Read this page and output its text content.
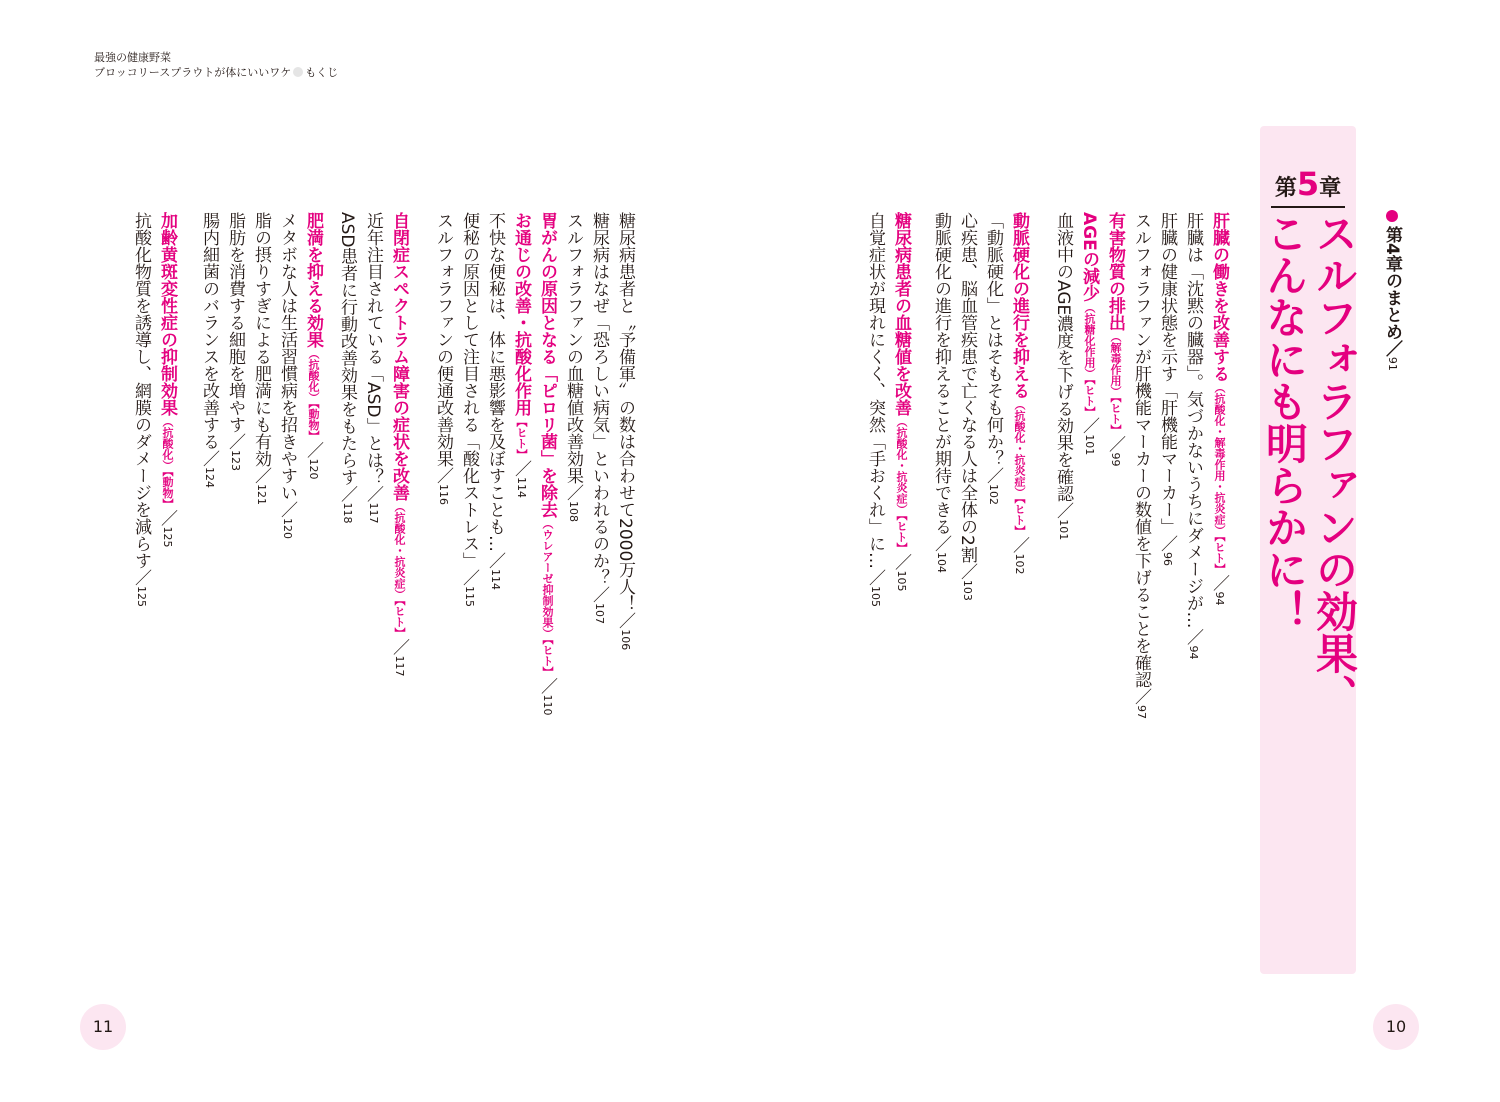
最強の健康野菜
ブロッコリースプラウトが体にいいワケ もくじ
第4章のまとめ／91
第5章
スルフォラファンの効果、
こんなにも明らかに！
肝臓の働きを改善する（抗酸化・解毒作用・抗炎症）【ヒト】／94
肝臓は「沈黙の臓器」。気づかないうちにダメージが…／94
肝臓の健康状態を示す「肝機能マーカー」／96
スルフォラファンが肝機能マーカーの数値を下げることを確認／97
有害物質の排出（解毒作用）【ヒト】／99
AGEの減少（抗糖化作用）【ヒト】／101
血液中のAGE濃度を下げる効果を確認／101
動脈硬化の進行を抑える（抗酸化・抗炎症）【ヒト】／102
「動脈硬化」とはそもそも何か？／102
心疾患、脳血管疾患で亡くなる人は全体の2割／103
動脈硬化の進行を抑えることが期待できる／104
糖尿病患者の血糖値を改善（抗酸化・抗炎症）【ヒト】／105
自覚症状が現れにくく、突然「手おくれ」に…／105
糖尿病患者と〝予備軍〟の数は合わせて2000万人！／106
糖尿病はなぜ「恐ろしい病気」といわれるのか？／107
スルフォラファンの血糖値改善効果／108
胃がんの原因となる「ピロリ菌」を除去（ウレアーゼ抑制効果）【ヒト】／110
お通じの改善・抗酸化作用【ヒト】／114
不快な便秘は、体に悪影響を及ぼすことも…／114
便秘の原因として注目される「酸化ストレス」／115
スルフォラファンの便通改善効果／116
自閉症スペクトラム障害の症状を改善（抗酸化・抗炎症）【ヒト】／117
近年注目されている「ASD」とは？／117
ASD患者に行動改善効果をもたらす／118
肥満を抑える効果（抗酸化）【動物】／120
メタボな人は生活習慣病を招きやすい／120
脂の摂りすぎによる肥満にも有効／121
脂肪を消費する細胞を増やす／123
腸内細菌のバランスを改善する／124
加齢黄斑変性症の抑制効果（抗酸化）【動物】／125
抗酸化物質を誘導し、網膜のダメージを減らす／125
11	10
